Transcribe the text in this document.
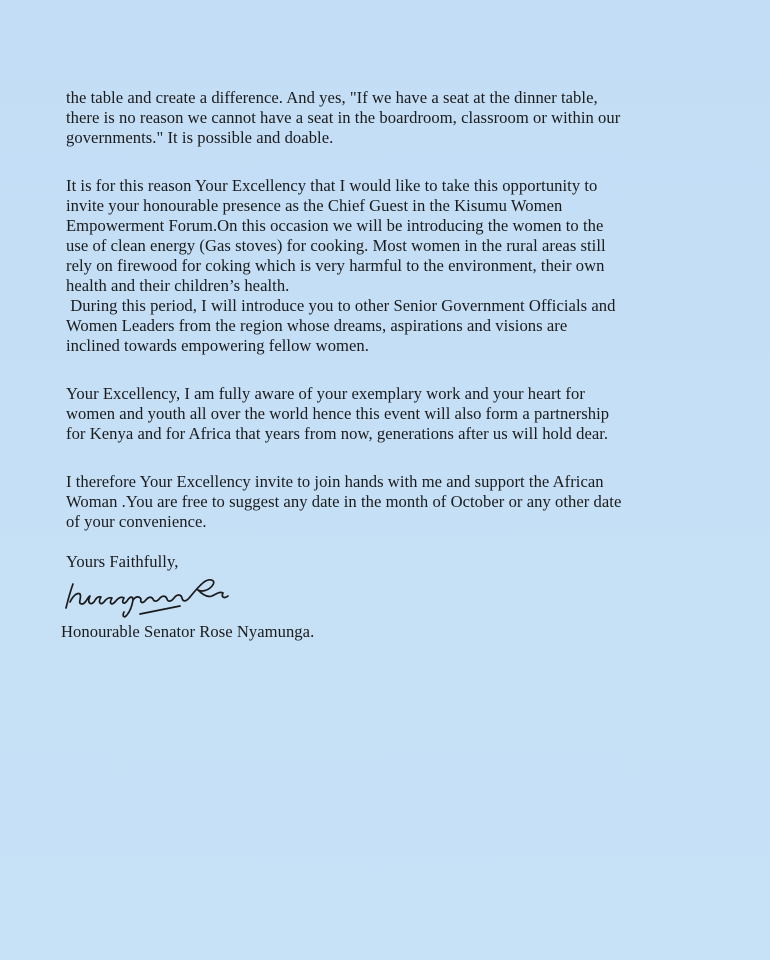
the table and create a difference. And yes, "If we have a seat at the dinner table,
there is no reason we cannot have a seat in the boardroom, classroom or within our
governments." It is possible and doable.
It is for this reason Your Excellency that I would like to take this opportunity to
invite your honourable presence as the Chief Guest in the Kisumu Women
Empowerment Forum.On this occasion we will be introducing the women to the
use of clean energy (Gas stoves) for cooking. Most women in the rural areas still
rely on firewood for coking which is very harmful to the environment, their own
health and their children’s health.
During this period, I will introduce you to other Senior Government Officials and
Women Leaders from the region whose dreams, aspirations and visions are
inclined towards empowering fellow women.
Your Excellency, I am fully aware of your exemplary work and your heart for
women and youth all over the world hence this event will also form a partnership
for Kenya and for Africa that years from now, generations after us will hold dear.
I therefore Your Excellency invite to join hands with me and support the African
Woman .You are free to suggest any date in the month of October or any other date
of your convenience.
Yours Faithfully,
Honourable Senator Rose Nyamunga.
